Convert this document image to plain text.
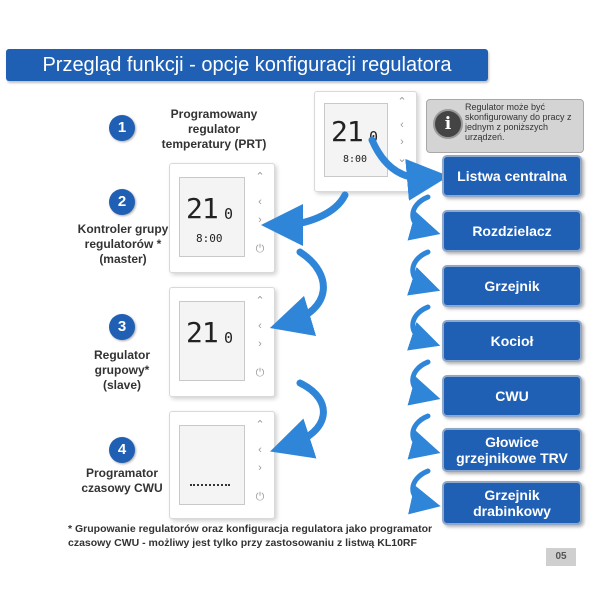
Przegląd funkcji - opcje konfiguracji regulatora
1
Programowany
regulator
temperatury (PRT)
2
Kontroler grupy
regulatorów *
(master)
3
Regulator
grupowy*
(slave)
4
Programator
czasowy CWU
21 0
8:00
⌃
‹
›
⌄
21 0
8:00
⌃
‹
›
⏻
21 0
⌃
‹
›
⏻
⌃
‹
›
⏻
i
Regulator może być skonfigurowany do pracy z jednym z poniższych urządzeń.
Listwa centralna
Rozdzielacz
Grzejnik
Kocioł
CWU
Głowice
grzejnikowe TRV
Grzejnik
drabinkowy
* Grupowanie regulatorów oraz konfiguracja regulatora jako programator
czasowy CWU - możliwy jest tylko przy zastosowaniu z listwą KL10RF
05
